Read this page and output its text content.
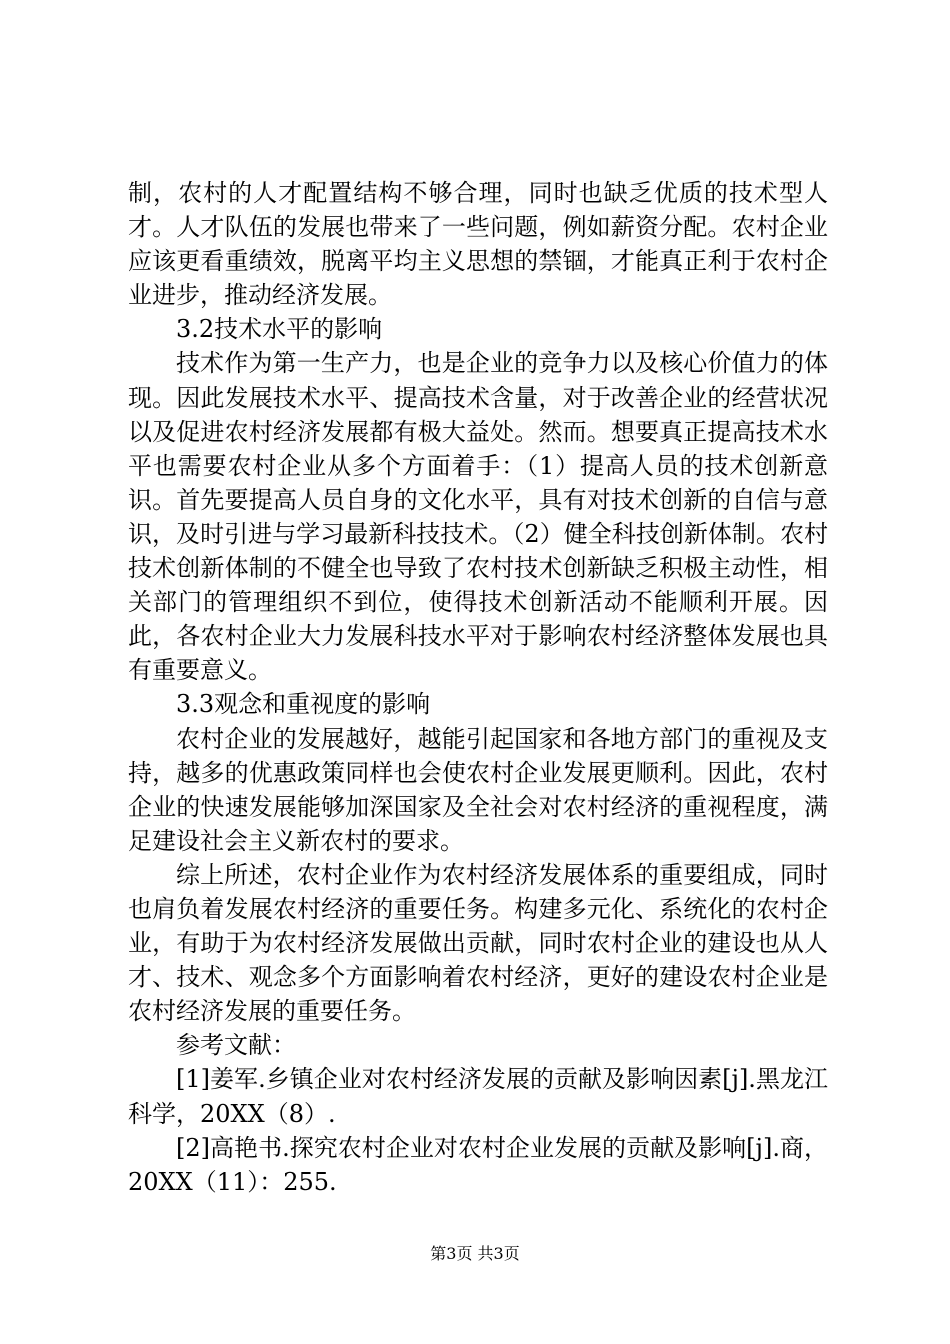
制，农村的人才配置结构不够合理，同时也缺乏优质的技术型人才。人才队伍的发展也带来了一些问题，例如薪资分配。农村企业应该更看重绩效，脱离平均主义思想的禁锢，才能真正利于农村企业进步，推动经济发展。

3.2技术水平的影响

技术作为第一生产力，也是企业的竞争力以及核心价值力的体现。因此发展技术水平、提高技术含量，对于改善企业的经营状况以及促进农村经济发展都有极大益处。然而。想要真正提高技术水平也需要农村企业从多个方面着手：（1）提高人员的技术创新意识。首先要提高人员自身的文化水平，具有对技术创新的自信与意识，及时引进与学习最新科技技术。（2）健全科技创新体制。农村技术创新体制的不健全也导致了农村技术创新缺乏积极主动性，相关部门的管理组织不到位，使得技术创新活动不能顺利开展。因此，各农村企业大力发展科技水平对于影响农村经济整体发展也具有重要意义。

3.3观念和重视度的影响

农村企业的发展越好，越能引起国家和各地方部门的重视及支持，越多的优惠政策同样也会使农村企业发展更顺利。因此，农村企业的快速发展能够加深国家及全社会对农村经济的重视程度，满足建设社会主义新农村的要求。

综上所述，农村企业作为农村经济发展体系的重要组成，同时也肩负着发展农村经济的重要任务。构建多元化、系统化的农村企业，有助于为农村经济发展做出贡献，同时农村企业的建设也从人才、技术、观念多个方面影响着农村经济，更好的建设农村企业是农村经济发展的重要任务。

参考文献：

[1]姜军.乡镇企业对农村经济发展的贡献及影响因素[j].黑龙江科学，20XX（8）.

[2]高艳书.探究农村企业对农村企业发展的贡献及影响[j].商，20XX（11）：255.

第3页 共3页
